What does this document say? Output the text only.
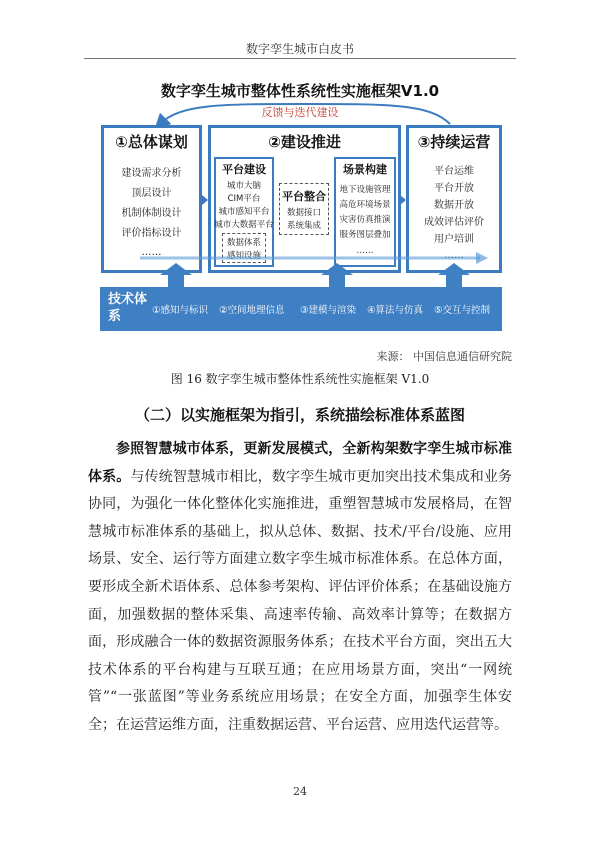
数字孪生城市白皮书
数字孪生城市整体性系统性实施框架V1.0
反馈与迭代建设
①总体谋划
建设需求分析
顶层设计
机制体制设计
评价指标设计
……
②建设推进
平台建设
城市大脑
CIM平台
城市感知平台
城市大数据平台
数据体系
感知设施
平台整合
数据接口
系统集成
场景构建
地下设施管理
高危环境场景
灾害仿真推演
服务图层叠加
……
③持续运营
平台运维
平台开放
数据开放
成效评估评价
用户培训
……
技术体系	①感知与标识 ②空间地理信息 ③建模与渲染 ④算法与仿真 ⑤交互与控制
来源： 中国信息通信研究院
图 16 数字孪生城市整体性系统性实施框架 V1.0
（二）以实施框架为指引，系统描绘标准体系蓝图
参照智慧城市体系，更新发展模式，全新构架数字孪生城市标准体系。与传统智慧城市相比，数字孪生城市更加突出技术集成和业务协同，为强化一体化整体化实施推进，重塑智慧城市发展格局，在智慧城市标准体系的基础上，拟从总体、数据、技术/平台/设施、应用场景、安全、运行等方面建立数字孪生城市标准体系。在总体方面，要形成全新术语体系、总体参考架构、评估评价体系；在基础设施方面，加强数据的整体采集、高速率传输、高效率计算等；在数据方面，形成融合一体的数据资源服务体系；在技术平台方面，突出五大技术体系的平台构建与互联互通；在应用场景方面，突出“一网统管”“一张蓝图”等业务系统应用场景；在安全方面，加强孪生体安全；在运营运维方面，注重数据运营、平台运营、应用迭代运营等。
24
